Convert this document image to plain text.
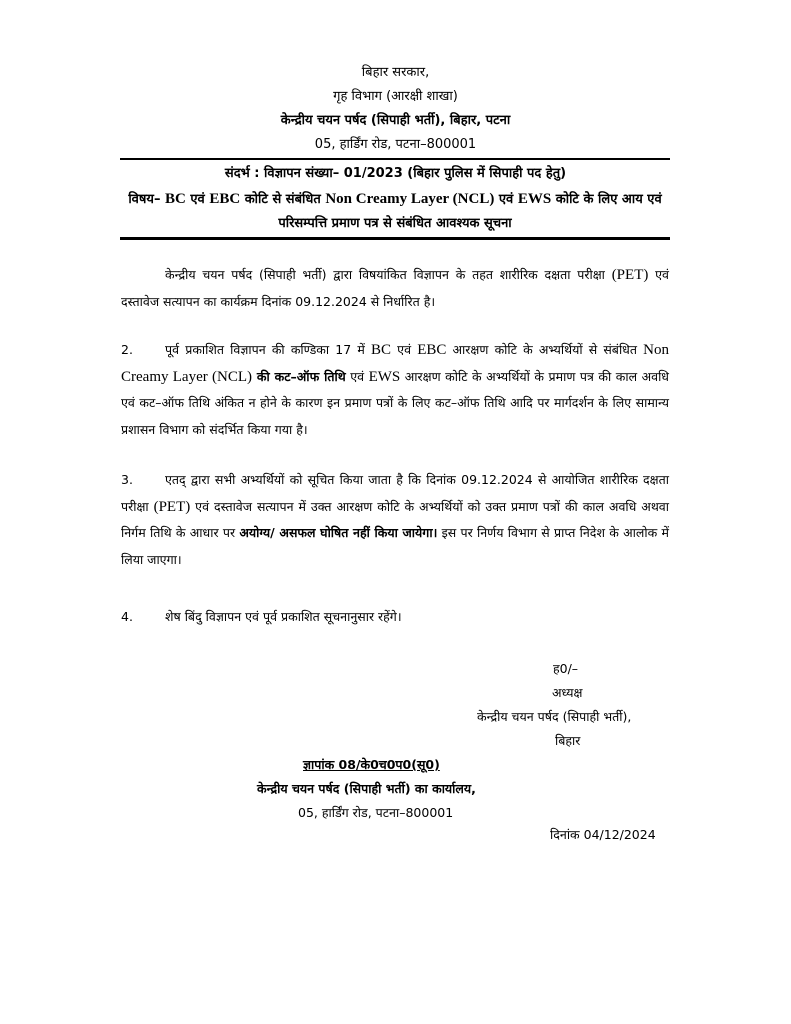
बिहार सरकार,
गृह विभाग (आरक्षी शाखा)
केन्द्रीय चयन पर्षद (सिपाही भर्ती), बिहार, पटना
05, हार्डिंग रोड, पटना–800001
संदर्भ : विज्ञापन संख्या– 01/2023 (बिहार पुलिस में सिपाही पद हेतु)
विषय– BC एवं EBC कोटि से संबंधित Non Creamy Layer (NCL) एवं EWS कोटि के लिए आय एवं परिसम्पत्ति प्रमाण पत्र से संबंधित आवश्यक सूचना
केन्द्रीय चयन पर्षद (सिपाही भर्ती) द्वारा विषयांकित विज्ञापन के तहत शारीरिक दक्षता परीक्षा (PET) एवं दस्तावेज सत्यापन का कार्यक्रम दिनांक 09.12.2024 से निर्धारित है।
2.	पूर्व प्रकाशित विज्ञापन की कण्डिका 17 में BC एवं EBC आरक्षण कोटि के अभ्यर्थियों से संबंधित Non Creamy Layer (NCL) की कट–ऑफ तिथि एवं EWS आरक्षण कोटि के अभ्यर्थियों के प्रमाण पत्र की काल अवधि एवं कट–ऑफ तिथि अंकित न होने के कारण इन प्रमाण पत्रों के लिए कट–ऑफ तिथि आदि पर मार्गदर्शन के लिए सामान्य प्रशासन विभाग को संदर्भित किया गया है।
3.	एतद् द्वारा सभी अभ्यर्थियों को सूचित किया जाता है कि दिनांक 09.12.2024 से आयोजित शारीरिक दक्षता परीक्षा (PET) एवं दस्तावेज सत्यापन में उक्त आरक्षण कोटि के अभ्यर्थियों को उक्त प्रमाण पत्रों की काल अवधि अथवा निर्गम तिथि के आधार पर अयोग्य/ असफल घोषित नहीं किया जायेगा। इस पर निर्णय विभाग से प्राप्त निदेश के आलोक में लिया जाएगा।
4.	शेष बिंदु विज्ञापन एवं पूर्व प्रकाशित सूचनानुसार रहेंगे।
ह0/–
अध्यक्ष
केन्द्रीय चयन पर्षद (सिपाही भर्ती),
बिहार
ज्ञापांक 08/के0च0प0(सू0)
केन्द्रीय चयन पर्षद (सिपाही भर्ती) का कार्यालय,
05, हार्डिंग रोड, पटना–800001
दिनांक 04/12/2024
